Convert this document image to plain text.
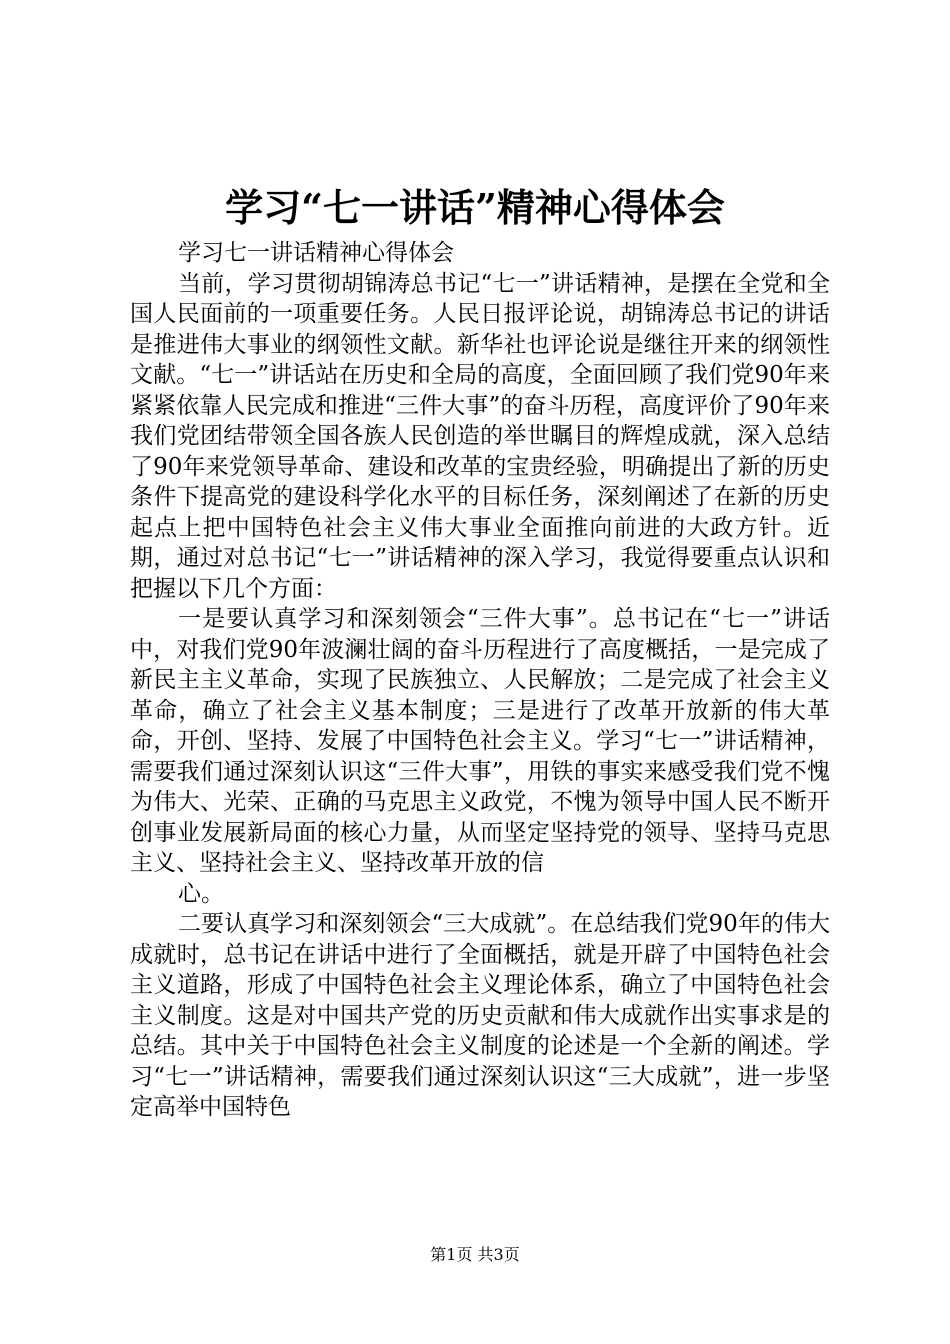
学习“七一讲话”精神心得体会

学习七一讲话精神心得体会

当前，学习贯彻胡锦涛总书记“七一”讲话精神，是摆在全党和全国人民面前的一项重要任务。人民日报评论说，胡锦涛总书记的讲话是推进伟大事业的纲领性文献。新华社也评论说是继往开来的纲领性文献。“七一”讲话站在历史和全局的高度，全面回顾了我们党90年来紧紧依靠人民完成和推进“三件大事”的奋斗历程，高度评价了90年来我们党团结带领全国各族人民创造的举世瞩目的辉煌成就，深入总结了90年来党领导革命、建设和改革的宝贵经验，明确提出了新的历史条件下提高党的建设科学化水平的目标任务，深刻阐述了在新的历史起点上把中国特色社会主义伟大事业全面推向前进的大政方针。近期，通过对总书记“七一”讲话精神的深入学习，我觉得要重点认识和把握以下几个方面：

一是要认真学习和深刻领会“三件大事”。总书记在“七一”讲话中，对我们党90年波澜壮阔的奋斗历程进行了高度概括，一是完成了新民主主义革命，实现了民族独立、人民解放；二是完成了社会主义革命，确立了社会主义基本制度；三是进行了改革开放新的伟大革命，开创、坚持、发展了中国特色社会主义。学习“七一”讲话精神，需要我们通过深刻认识这“三件大事”，用铁的事实来感受我们党不愧为伟大、光荣、正确的马克思主义政党，不愧为领导中国人民不断开创事业发展新局面的核心力量，从而坚定坚持党的领导、坚持马克思主义、坚持社会主义、坚持改革开放的信

心。

二要认真学习和深刻领会“三大成就”。在总结我们党90年的伟大成就时，总书记在讲话中进行了全面概括，就是开辟了中国特色社会主义道路，形成了中国特色社会主义理论体系，确立了中国特色社会主义制度。这是对中国共产党的历史贡献和伟大成就作出实事求是的总结。其中关于中国特色社会主义制度的论述是一个全新的阐述。学习“七一”讲话精神，需要我们通过深刻认识这“三大成就”，进一步坚定高举中国特色

第1页 共3页
